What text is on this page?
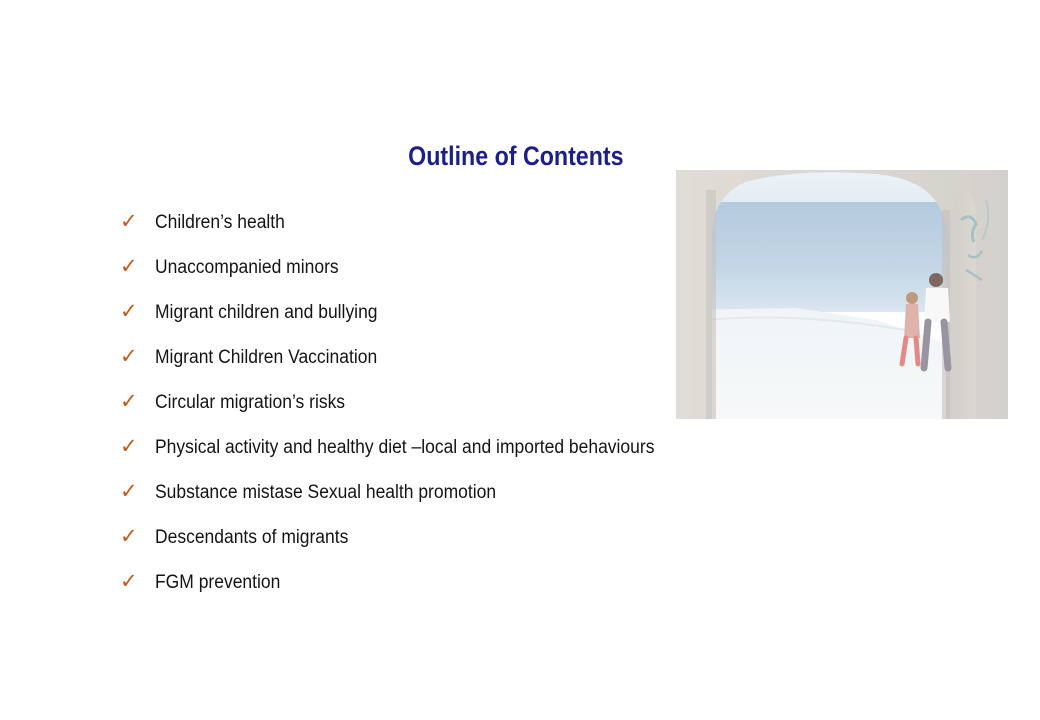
Outline of Contents
✓ Children’s health
✓ Unaccompanied minors
✓ Migrant children and bullying
✓ Migrant Children Vaccination
✓ Circular migration’s risks
✓ Physical activity and healthy diet –local and imported behaviours
✓ Substance mistase Sexual health promotion
✓ Descendants of migrants
✓ FGM prevention
